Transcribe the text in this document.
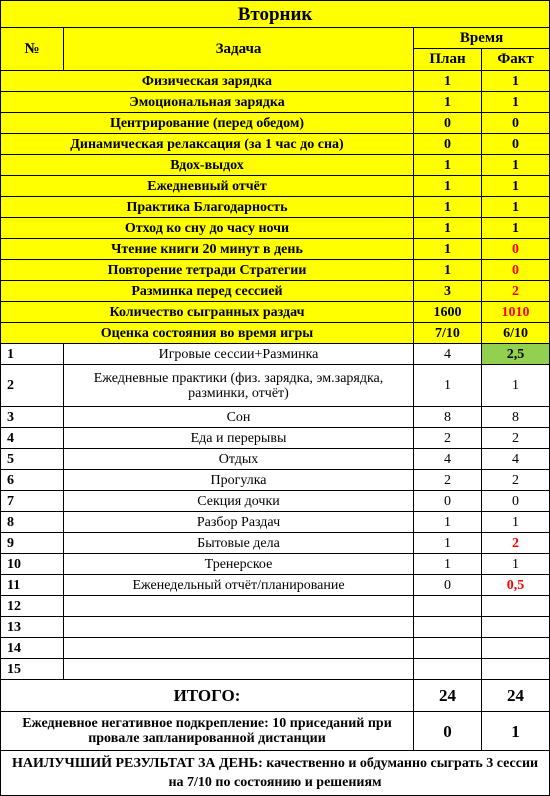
Вторник			
№	Задача	Время	
		План	Факт
Физическая зарядка		1	1
Эмоциональная зарядка		1	1
Центрирование (перед обедом)		0	0
Динамическая релаксация (за 1 час до сна)		0	0
Вдох-выдох		1	1
Ежедневный отчёт		1	1
Практика Благодарность		1	1
Отход ко сну до часу ночи		1	1
Чтение книги 20 минут в день		1	0
Повторение тетради Стратегии		1	0
Разминка перед сессией		3	2
Количество сыгранных раздач		1600	1010
Оценка состояния во время игры		7/10	6/10
1	Игровые сессии+Разминка	4	2,5
2	Ежедневные практики (физ. зарядка, эм.зарядка, разминки, отчёт)	1	1
3	Сон	8	8
4	Еда и перерывы	2	2
5	Отдых	4	4
6	Прогулка	2	2
7	Секция дочки	0	0
8	Разбор Раздач	1	1
9	Бытовые дела	1	2
10	Тренерское	1	1
11	Еженедельный отчёт/планирование	0	0,5
12			
13			
14			
15			
ИТОГО:		24	24
Ежедневное негативное подкрепление: 10 приседаний при провале запланированной дистанции		0	1
НАИЛУЧШИЙ РЕЗУЛЬТАТ ЗА ДЕНЬ: качественно и обдуманно сыграть 3 сессии на 7/10 по состоянию и решениям			
